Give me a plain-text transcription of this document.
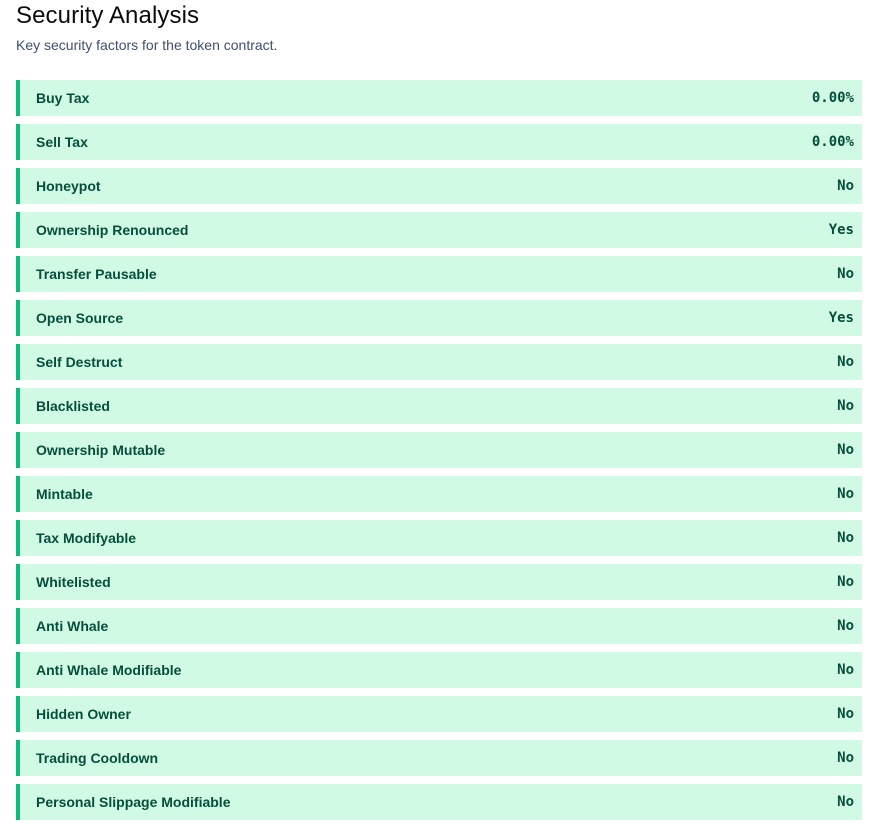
Security Analysis

Key security factors for the token contract.

Buy Tax	0.00%
Sell Tax	0.00%
Honeypot	No
Ownership Renounced	Yes
Transfer Pausable	No
Open Source	Yes
Self Destruct	No
Blacklisted	No
Ownership Mutable	No
Mintable	No
Tax Modifyable	No
Whitelisted	No
Anti Whale	No
Anti Whale Modifiable	No
Hidden Owner	No
Trading Cooldown	No
Personal Slippage Modifiable	No
